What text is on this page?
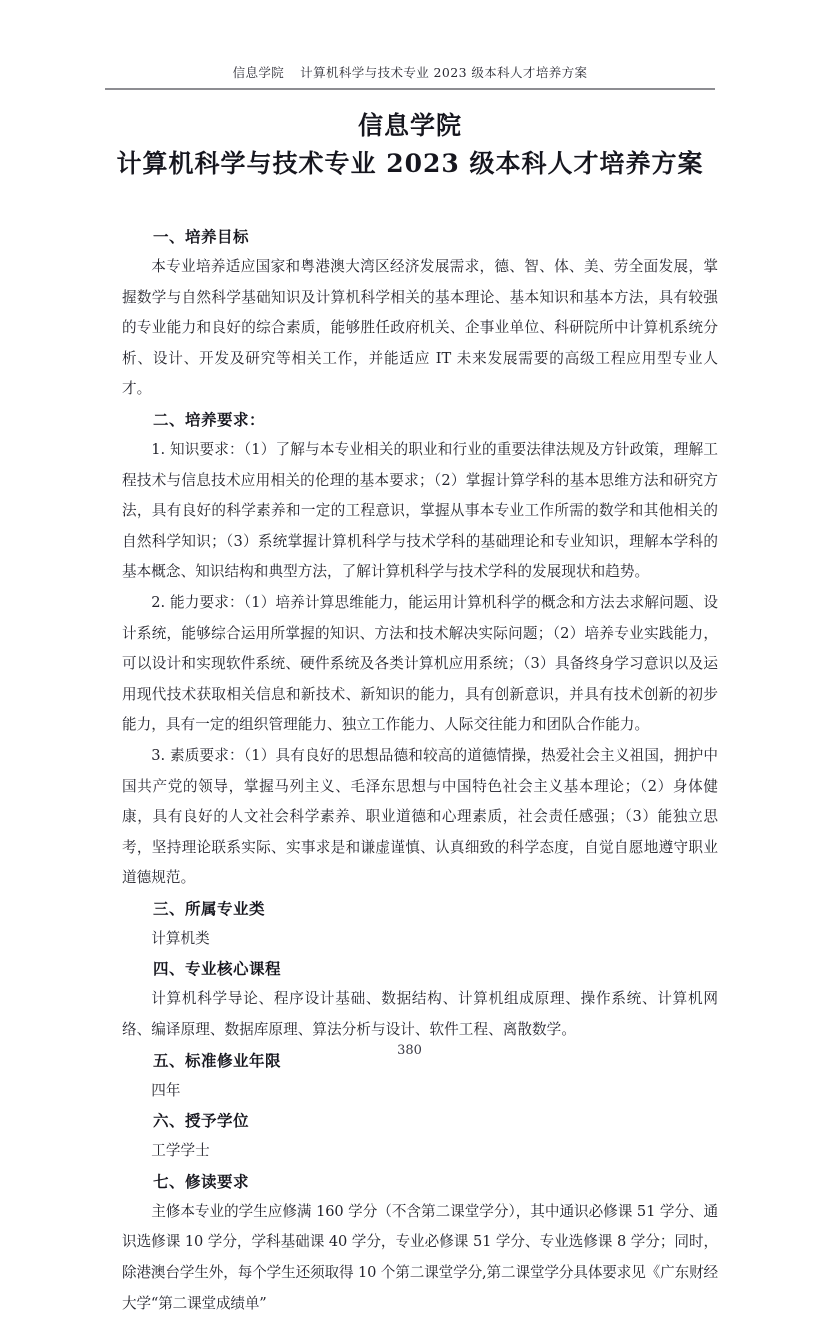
信息学院 计算机科学与技术专业 2023 级本科人才培养方案
信息学院
计算机科学与技术专业 2023 级本科人才培养方案
一、培养目标

本专业培养适应国家和粤港澳大湾区经济发展需求，德、智、体、美、劳全面发展，掌握数学与自然科学基础知识及计算机科学相关的基本理论、基本知识和基本方法，具有较强的专业能力和良好的综合素质，能够胜任政府机关、企事业单位、科研院所中计算机系统分析、设计、开发及研究等相关工作，并能适应 IT 未来发展需要的高级工程应用型专业人才。

二、培养要求：

1. 知识要求：（1）了解与本专业相关的职业和行业的重要法律法规及方针政策，理解工程技术与信息技术应用相关的伦理的基本要求；（2）掌握计算学科的基本思维方法和研究方法，具有良好的科学素养和一定的工程意识，掌握从事本专业工作所需的数学和其他相关的自然科学知识；（3）系统掌握计算机科学与技术学科的基础理论和专业知识，理解本学科的基本概念、知识结构和典型方法，了解计算机科学与技术学科的发展现状和趋势。

2. 能力要求：（1）培养计算思维能力，能运用计算机科学的概念和方法去求解问题、设计系统，能够综合运用所掌握的知识、方法和技术解决实际问题；（2）培养专业实践能力，可以设计和实现软件系统、硬件系统及各类计算机应用系统；（3）具备终身学习意识以及运用现代技术获取相关信息和新技术、新知识的能力，具有创新意识，并具有技术创新的初步能力，具有一定的组织管理能力、独立工作能力、人际交往能力和团队合作能力。

3. 素质要求：（1）具有良好的思想品德和较高的道德情操，热爱社会主义祖国，拥护中国共产党的领导，掌握马列主义、毛泽东思想与中国特色社会主义基本理论；（2）身体健康，具有良好的人文社会科学素养、职业道德和心理素质，社会责任感强；（3）能独立思考，坚持理论联系实际、实事求是和谦虚谨慎、认真细致的科学态度，自觉自愿地遵守职业道德规范。

三、所属专业类

计算机类

四、专业核心课程

计算机科学导论、程序设计基础、数据结构、计算机组成原理、操作系统、计算机网络、编译原理、数据库原理、算法分析与设计、软件工程、离散数学。

五、标准修业年限

四年

六、授予学位

工学学士

七、修读要求

主修本专业的学生应修满 160 学分（不含第二课堂学分），其中通识必修课 51 学分、通识选修课 10 学分，学科基础课 40 学分，专业必修课 51 学分、专业选修课 8 学分；同时，除港澳台学生外，每个学生还须取得 10 个第二课堂学分,第二课堂学分具体要求见《广东财经大学“第二课堂成绩单”

380
